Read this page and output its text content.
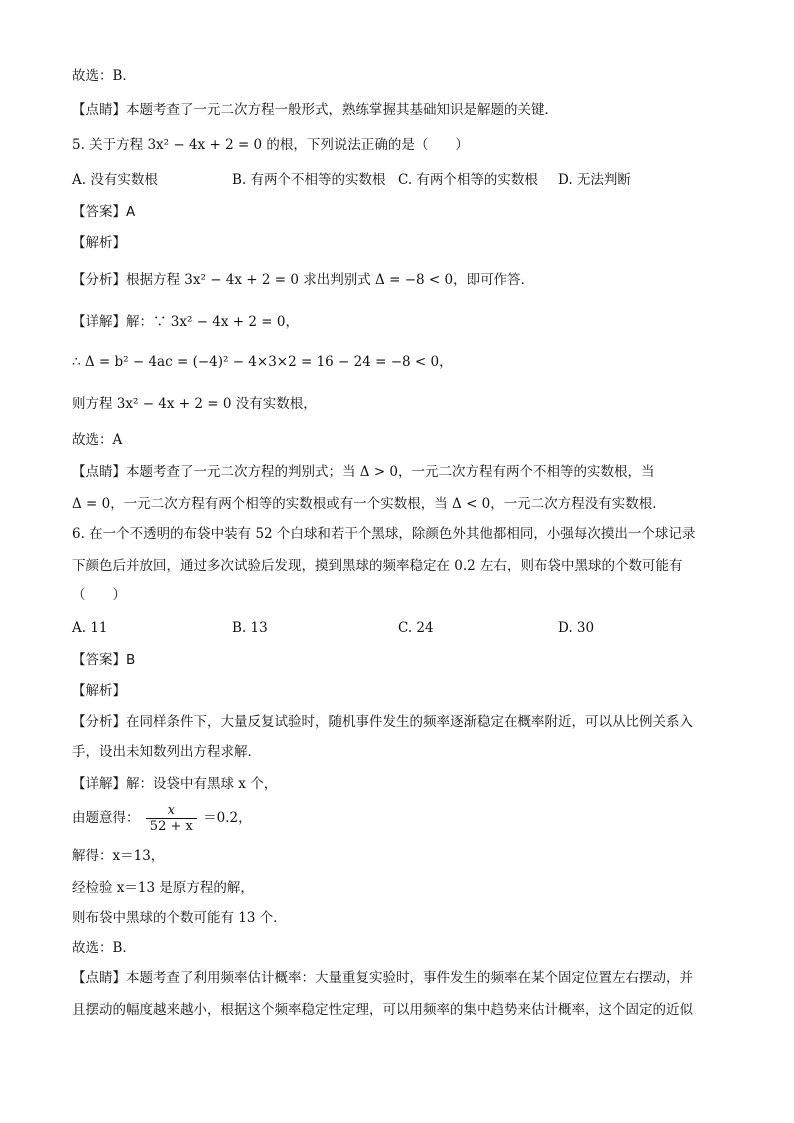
故选：B．
【点睛】本题考查了一元二次方程一般形式，熟练掌握其基础知识是解题的关键．
5. 关于方程 3x² − 4x + 2 = 0 的根，下列说法正确的是（　　）
A. 没有实数根	B. 有两个不相等的实数根 C. 有两个相等的实数根 D. 无法判断
【答案】A
【解析】
【分析】根据方程 3x² − 4x + 2 = 0 求出判别式 Δ = −8 < 0，即可作答．
【详解】解：∵ 3x² − 4x + 2 = 0，
∴ Δ = b² − 4ac = (−4)² − 4×3×2 = 16 − 24 = −8 < 0，
则方程 3x² − 4x + 2 = 0 没有实数根，
故选：A
【点睛】本题考查了一元二次方程的判别式；当 Δ > 0，一元二次方程有两个不相等的实数根，当
Δ = 0，一元二次方程有两个相等的实数根或有一个实数根，当 Δ < 0，一元二次方程没有实数根．
6. 在一个不透明的布袋中装有 52 个白球和若干个黑球，除颜色外其他都相同，小强每次摸出一个球记录
下颜色后并放回，通过多次试验后发现，摸到黑球的频率稳定在 0.2 左右，则布袋中黑球的个数可能有
（　　）
A. 11	B. 13	C. 24	D. 30
【答案】B
【解析】
【分析】在同样条件下，大量反复试验时，随机事件发生的频率逐渐稳定在概率附近，可以从比例关系入
手，设出未知数列出方程求解．
【详解】解：设袋中有黑球 x 个，
由题意得： $\frac{x}{52 + x} =0.2$，
解得：x＝13，
经检验 x＝13 是原方程的解，
则布袋中黑球的个数可能有 13 个．
故选：B．
【点睛】本题考查了利用频率估计概率：大量重复实验时，事件发生的频率在某个固定位置左右摆动，并
且摆动的幅度越来越小，根据这个频率稳定性定理，可以用频率的集中趋势来估计概率，这个固定的近似
